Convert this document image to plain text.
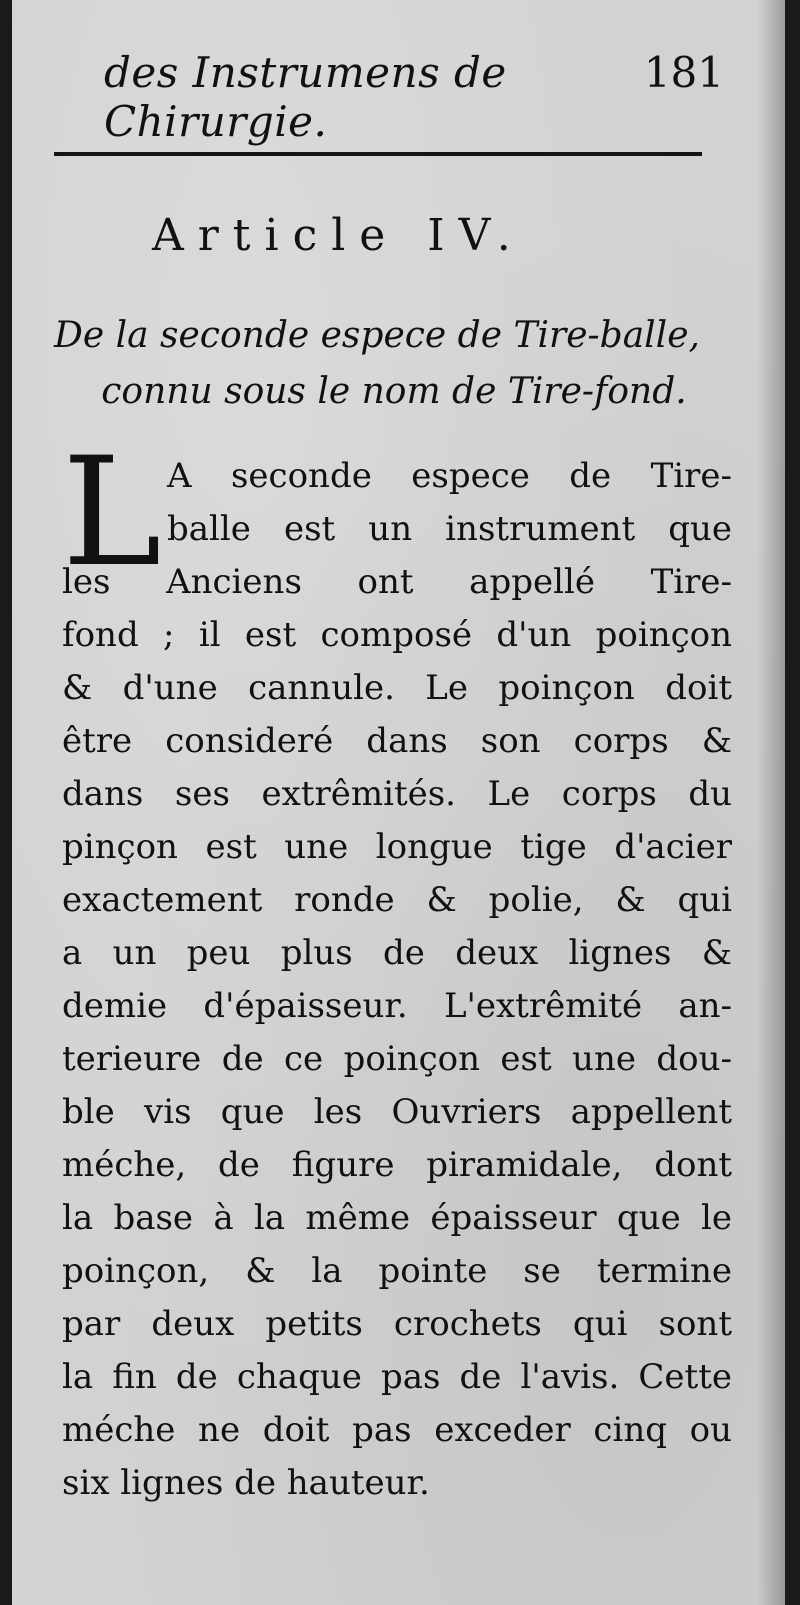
des Instrumens de Chirurgie.
181
Article IV.
De la seconde espece de Tire-balle,
connu sous le nom de Tire-fond.
L A seconde espece de Tire-
balle est un instrument que
les Anciens ont appellé Tire-
fond ; il est composé d'un poinçon
& d'une cannule. Le poinçon doit
être consideré dans son corps &
dans ses extrêmités. Le corps du
pinçon est une longue tige d'acier
exactement ronde & polie, & qui
a un peu plus de deux lignes &
demie d'épaisseur. L'extrêmité an-
terieure de ce poinçon est une dou-
ble vis que les Ouvriers appellent
méche, de figure piramidale, dont
la base à la même épaisseur que le
poinçon, & la pointe se termine
par deux petits crochets qui sont
la fin de chaque pas de l'avis. Cette
méche ne doit pas exceder cinq ou
six lignes de hauteur.
